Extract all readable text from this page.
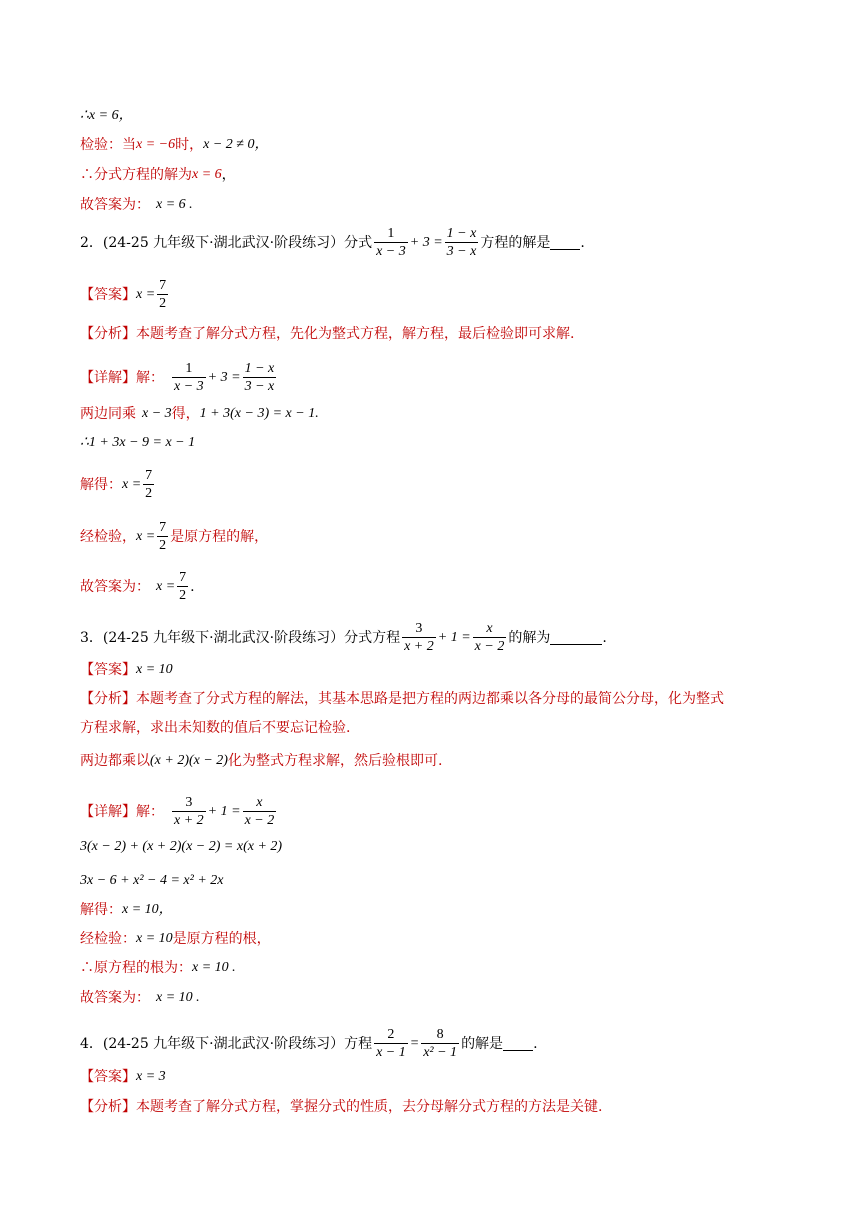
∴x = 6，
检验：当 x = −6 时， x − 2 ≠ 0，
∴分式方程的解为 x = 6 ，
故答案为： x = 6 .
2．(24-25 九年级下·湖北武汉·阶段练习）分式 $\frac{1}{x - 3} + 3 = \frac{1 - x}{3 - x}$ 方程的解是 .
【答案】 $x = \frac{7}{2}$
【分析】 本题考查了解分式方程，先化为整式方程，解方程，最后检验即可求解.
【详解】 解： $\frac{1}{x - 3} + 3 = \frac{1 - x}{3 - x}$
两边同乘 x − 3 得， 1 + 3(x − 3) = x − 1.
∴1 + 3x − 9 = x − 1
解得： $x = \frac{7}{2}$
经检验， $x = \frac{7}{2}$ 是原方程的解，
故答案为： $x = \frac{7}{2}$ .
3．(24-25 九年级下·湖北武汉·阶段练习）分式方程 $\frac{3}{x + 2} + 1 = \frac{x}{x - 2}$ 的解为	.
【答案】 x = 10
【分析】 本题考查了分式方程的解法，其基本思路是把方程的两边都乘以各分母的最简公分母，化为整式
方程求解，求出未知数的值后不要忘记检验.
两边都乘以 (x + 2)(x − 2) 化为整式方程求解，然后验根即可.
【详解】 解： $\frac{3}{x + 2} + 1 = \frac{x}{x - 2}$
3(x − 2) + (x + 2)(x − 2) = x(x + 2)
3x − 6 + x² − 4 = x² + 2x
解得： x = 10，
经检验： x = 10 是原方程的根，
∴原方程的根为： x = 10 .
故答案为： x = 10 .
4．(24-25 九年级下·湖北武汉·阶段练习）方程 $\frac{2}{x - 1} = \frac{8}{\text{x² − 1}}$ 的解是 .
【答案】 x = 3
【分析】 本题考查了解分式方程，掌握分式的性质，去分母解分式方程的方法是关键.
